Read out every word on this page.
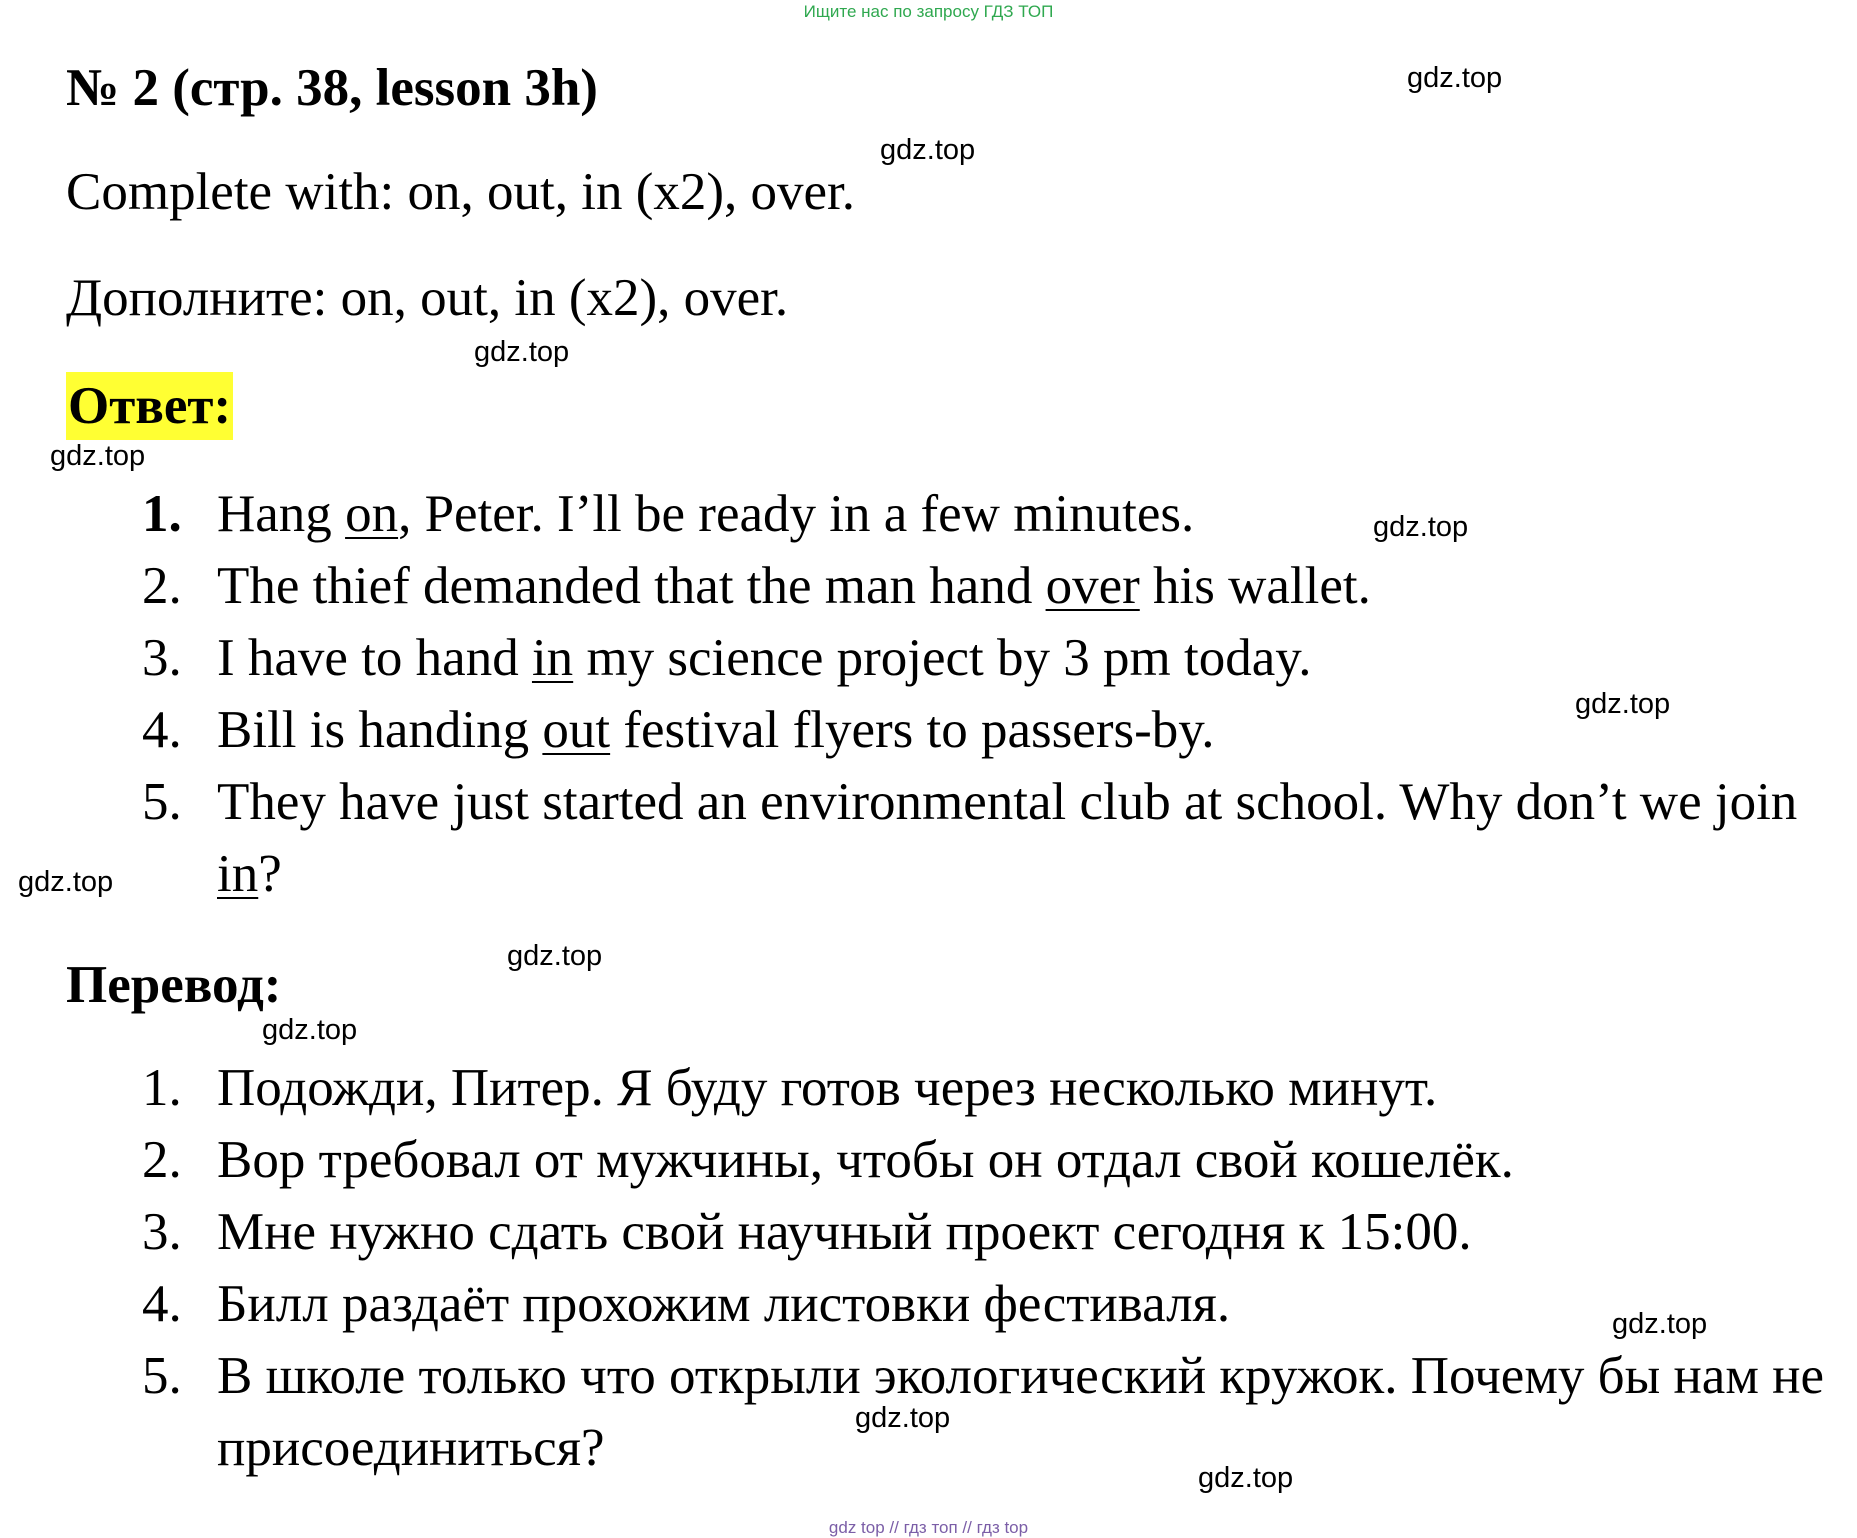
Ищите нас по запросу ГДЗ ТОП
№ 2 (стр. 38, lesson 3h)
Complete with: on, out, in (x2), over.
Дополните: on, out, in (x2), over.
Ответ:
1. Hang on, Peter. I’ll be ready in a few minutes.
2. The thief demanded that the man hand over his wallet.
3. I have to hand in my science project by 3 pm today.
4. Bill is handing out festival flyers to passers-by.
5. They have just started an environmental club at school. Why don’t we join in?
Перевод:
1. Подожди, Питер. Я буду готов через несколько минут.
2. Вор требовал от мужчины, чтобы он отдал свой кошелёк.
3. Мне нужно сдать свой научный проект сегодня к 15:00.
4. Билл раздаёт прохожим листовки фестиваля.
5. В школе только что открыли экологический кружок. Почему бы нам не присоединиться?
gdz.top
gdz.top
gdz.top
gdz.top
gdz.top
gdz.top
gdz.top
gdz.top
gdz.top
gdz.top
gdz.top
gdz.top
gdz top // гдз топ // гдз top
